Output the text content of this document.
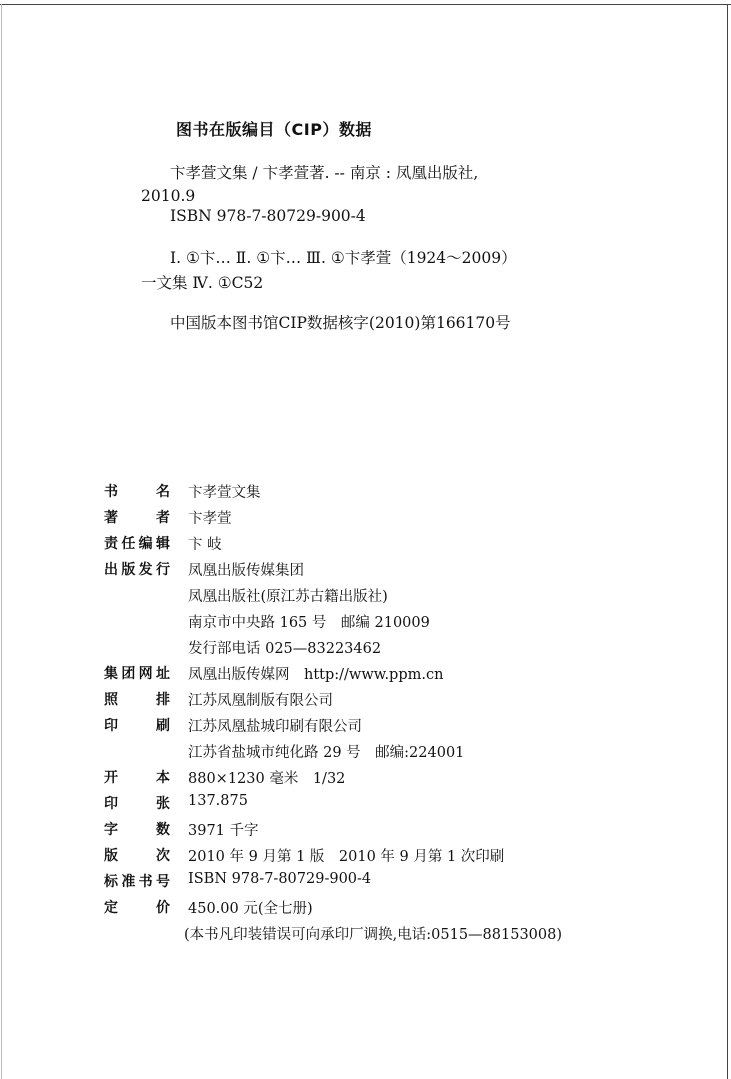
图书在版编目（CIP）数据
卞孝萱文集 / 卞孝萱著. -- 南京 : 凤凰出版社,
2010.9
ISBN 978-7-80729-900-4
Ⅰ. ①卞… Ⅱ. ①卞… Ⅲ. ①卞孝萱（1924～2009）
一文集 Ⅳ. ①C52
中国版本图书馆CIP数据核字(2010)第166170号
书名 卞孝萱文集
著者 卞孝萱
责任编辑 卞 岐
出版发行 凤凰出版传媒集团
凤凰出版社(原江苏古籍出版社)
南京市中央路 165 号　邮编 210009
发行部电话 025—83223462
集团网址 凤凰出版传媒网　http://www.ppm.cn
照排 江苏凤凰制版有限公司
印刷 江苏凤凰盐城印刷有限公司
江苏省盐城市纯化路 29 号　邮编:224001
开本 880×1230 毫米　1/32
印张 137.875
字数 3971 千字
版次 2010 年 9 月第 1 版　2010 年 9 月第 1 次印刷
标准书号 ISBN 978-7-80729-900-4
定价 450.00 元(全七册)
(本书凡印装错误可向承印厂调换,电话:0515—88153008)
